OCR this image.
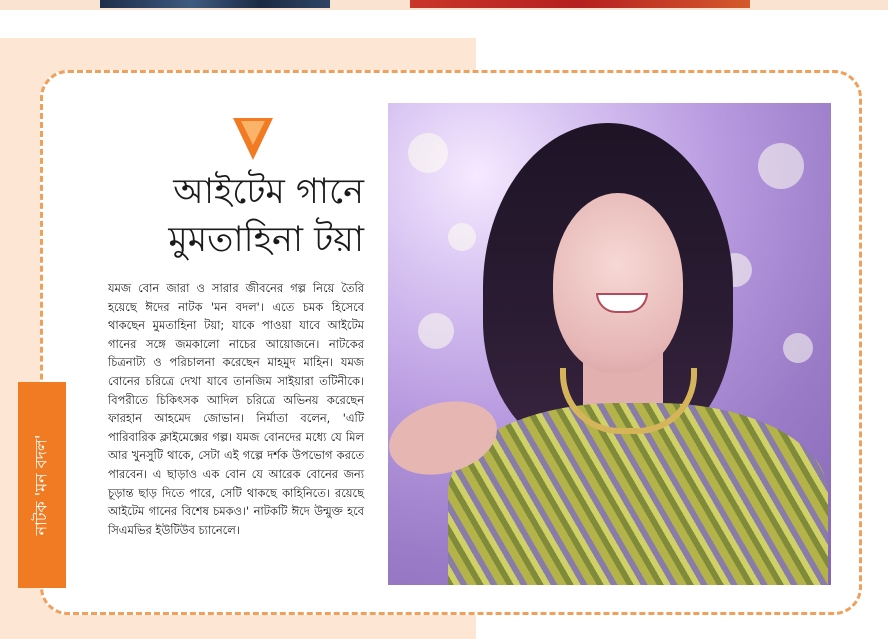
আইটেম গানে
মুমতাহিনা টয়া
যমজ বোন জারা ও সারার জীবনের গল্প নিয়ে তৈরি হয়েছে ঈদের নাটক 'মন বদল'। এতে চমক হিসেবে থাকছেন মুমতাহিনা টয়া; যাকে পাওয়া যাবে আইটেম গানের সঙ্গে জমকালো নাচের আয়োজনে। নাটকের চিত্রনাট্য ও পরিচালনা করেছেন মাহমুদ মাহিন। যমজ বোনের চরিত্রে দেখা যাবে তানজিম সাইয়ারা তটিনীকে। বিপরীতে চিকিৎসক আদিল চরিত্রে অভিনয় করেছেন ফারহান আহমেদ জোভান। নির্মাতা বলেন, 'এটি পারিবারিক ক্লাইমেক্সের গল্প। যমজ বোনদের মধ্যে যে মিল আর খুনসুটি থাকে, সেটা এই গল্পে দর্শক উপভোগ করতে পারবেন। এ ছাড়াও এক বোন যে আরেক বোনের জন্য চূড়ান্ত ছাড় দিতে পারে, সেটি থাকছে কাহিনিতে। রয়েছে আইটেম গানের বিশেষ চমকও।' নাটকটি ঈদে উন্মুক্ত হবে সিএমভির ইউটিউব চ্যানেলে।
নাটক 'মন বদল'
